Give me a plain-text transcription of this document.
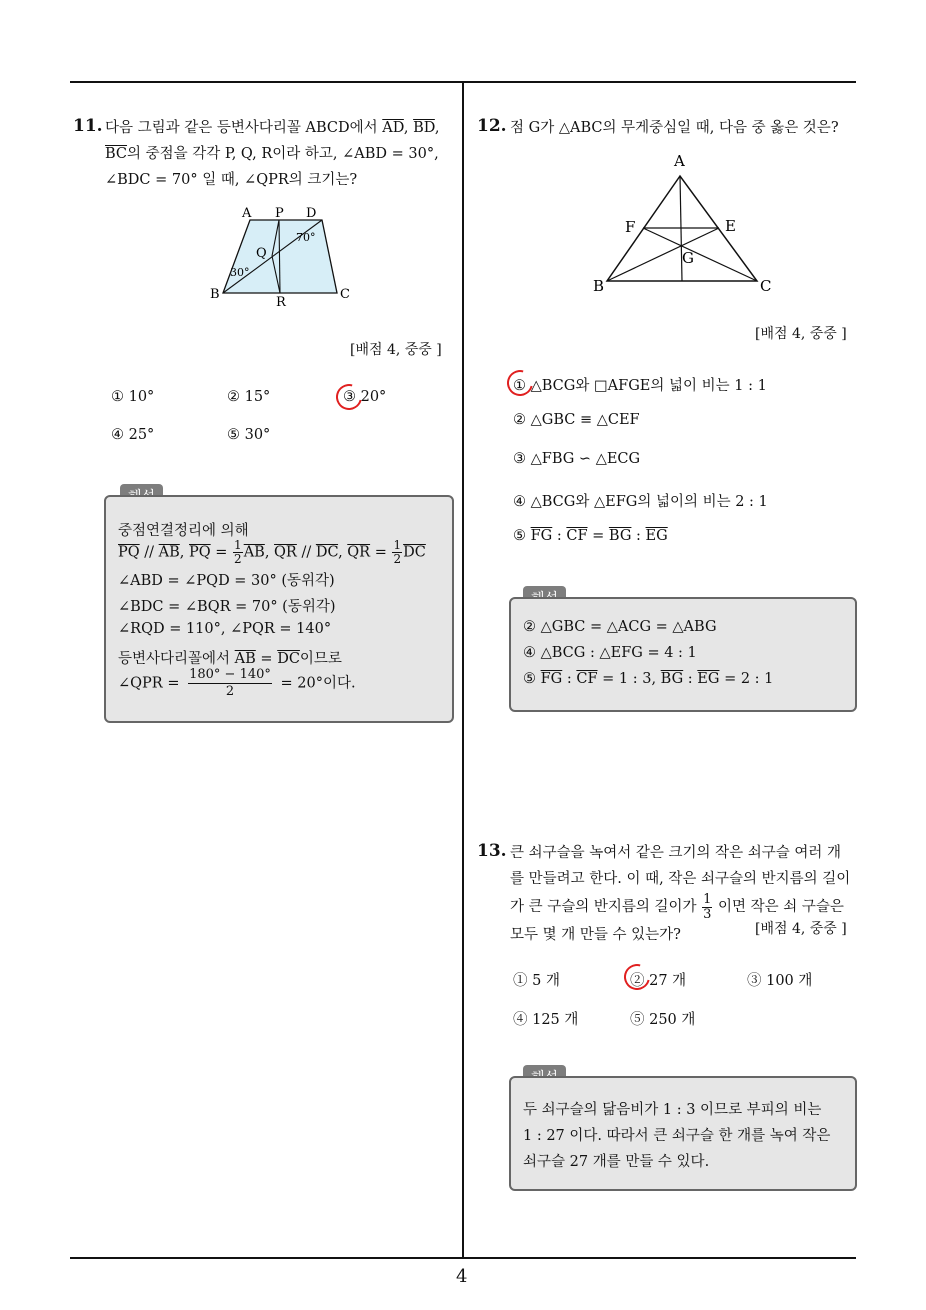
11. 다음 그림과 같은 등변사다리꼴 ABCD에서 $\overline{AD}$, $\overline{BD}$,
$\overline{BC}$의 중점을 각각 P, Q, R이라 하고, ∠ABD = 30°,
∠BDC = 70° 일 때, ∠QPR의 크기는?
A P D
Q
B
R
C
30°
70°
[배점 4, 중중 ]
① 10°	② 15°	③ 20°
④ 25°	⑤ 30°
중점연결정리에 의해
$\overline{PQ} // \overline{AB}$, $\overline{PQ} = \frac{1}{2} \overline{AB}$, $\overline{QR} // \overline{DC}$, $\overline{QR} = \frac{1}{2} \overline{DC}$
∠ABD = ∠PQD = 30° (동위각)
∠BDC = ∠BQR = 70° (동위각)
∠RQD = 110°, ∠PQR = 140°
등변사다리꼴에서 $\overline{AB} = \overline{DC}$이므로
∠QPR = $\frac{180^\circ - 140^\circ}{2} = 20^\circ$이다.
12. 점 G가 △ABC의 무게중심일 때, 다음 중 옳은 것은?
A
F	E
G
B	C
[배점 4, 중중 ]
① △BCG와 □AFGE의 넓이 비는 1 : 1
② △GBC ≡ △CEF
③ △FBG ∽ △ECG
④ △BCG와 △EFG의 넓이의 비는 2 : 1
⑤ $\overline{FG}$ : $\overline{CF} = \overline{BG}$ : $\overline{EG}$
② △GBC = △ACG = △ABG
④ △BCG : △EFG = 4 : 1
⑤ $\overline{FG}$ : $\overline{CF} = 1$ : 3, $\overline{BG}$ : $\overline{EG} = 2$ : 1
13. 큰 쇠구슬을 녹여서 같은 크기의 작은 쇠구슬 여러 개
를 만들려고 한다. 이 때, 작은 쇠구슬의 반지름의 길이
가 큰 구슬의 반지름의 길이가 $\frac{1}{3}$ 이면 작은 쇠 구슬은
모두 몇 개 만들 수 있는가?	[배점 4, 중중 ]
① 5 개	② 27 개	③ 100 개
④ 125 개	⑤ 250 개
두 쇠구슬의 닮음비가 1 : 3 이므로 부피의 비는
1 : 27 이다. 따라서 큰 쇠구슬 한 개를 녹여 작은
쇠구슬 27 개를 만들 수 있다.
4
